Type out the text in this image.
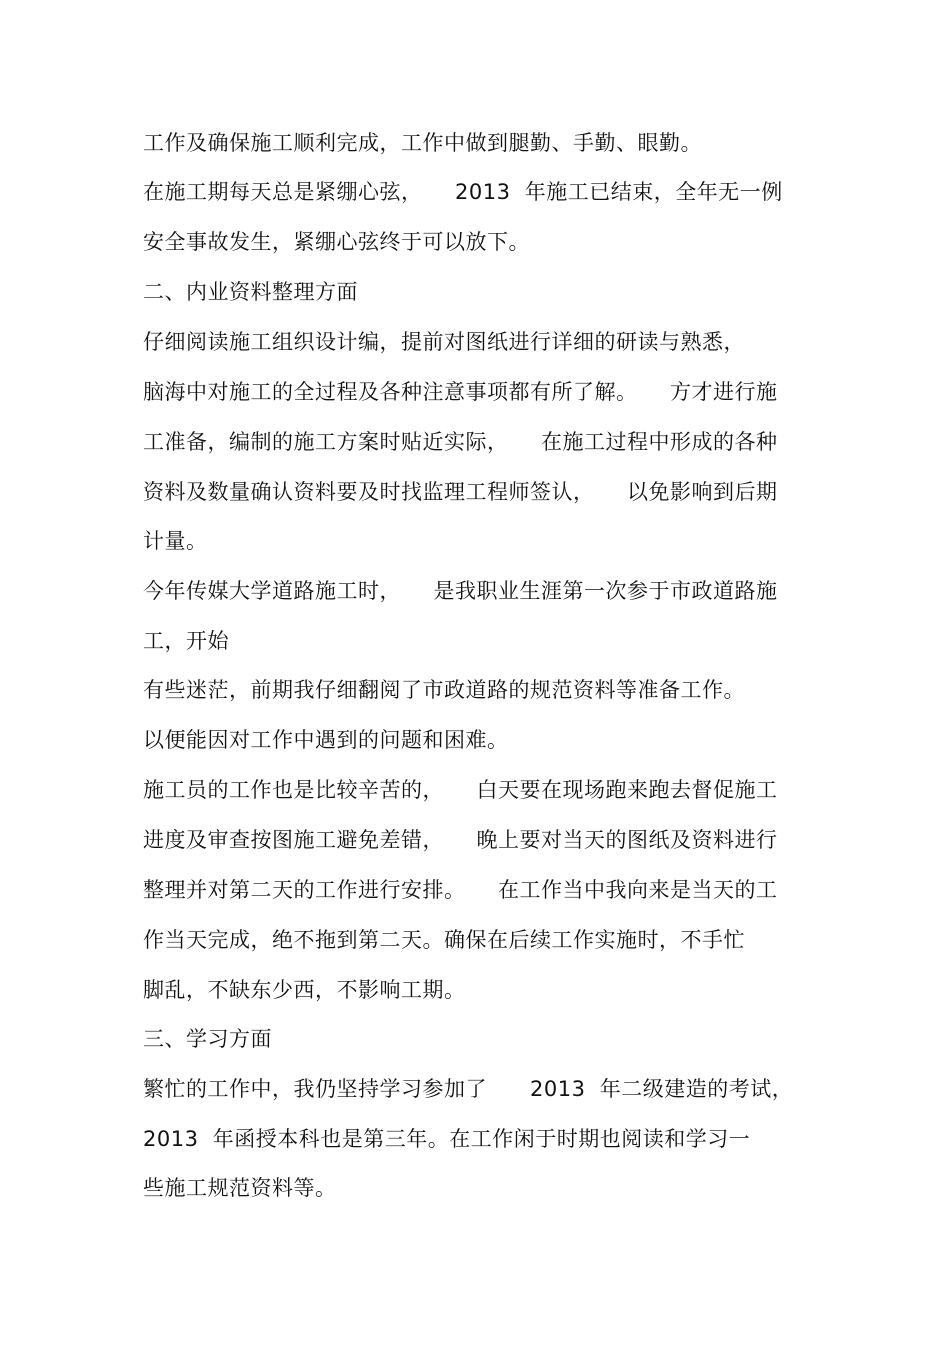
工作及确保施工顺利完成，工作中做到腿勤、手勤、眼勤。
在施工期每天总是紧绷心弦，　　2013  年施工已结束，全年无一例
安全事故发生，紧绷心弦终于可以放下。
二、内业资料整理方面
仔细阅读施工组织设计编，提前对图纸进行详细的研读与熟悉，
脑海中对施工的全过程及各种注意事项都有所了解。　　方才进行施
工准备，编制的施工方案时贴近实际，　　在施工过程中形成的各种
资料及数量确认资料要及时找监理工程师签认，　　以免影响到后期
计量。
今年传媒大学道路施工时，　　是我职业生涯第一次参于市政道路施
工，开始
有些迷茫，前期我仔细翻阅了市政道路的规范资料等准备工作。
以便能因对工作中遇到的问题和困难。
施工员的工作也是比较辛苦的，　　白天要在现场跑来跑去督促施工
进度及审查按图施工避免差错，　　晚上要对当天的图纸及资料进行
整理并对第二天的工作进行安排。　　在工作当中我向来是当天的工
作当天完成，绝不拖到第二天。确保在后续工作实施时，不手忙
脚乱，不缺东少西，不影响工期。
三、学习方面
繁忙的工作中，我仍坚持学习参加了　　2013  年二级建造的考试，
2013  年函授本科也是第三年。在工作闲于时期也阅读和学习一
些施工规范资料等。
